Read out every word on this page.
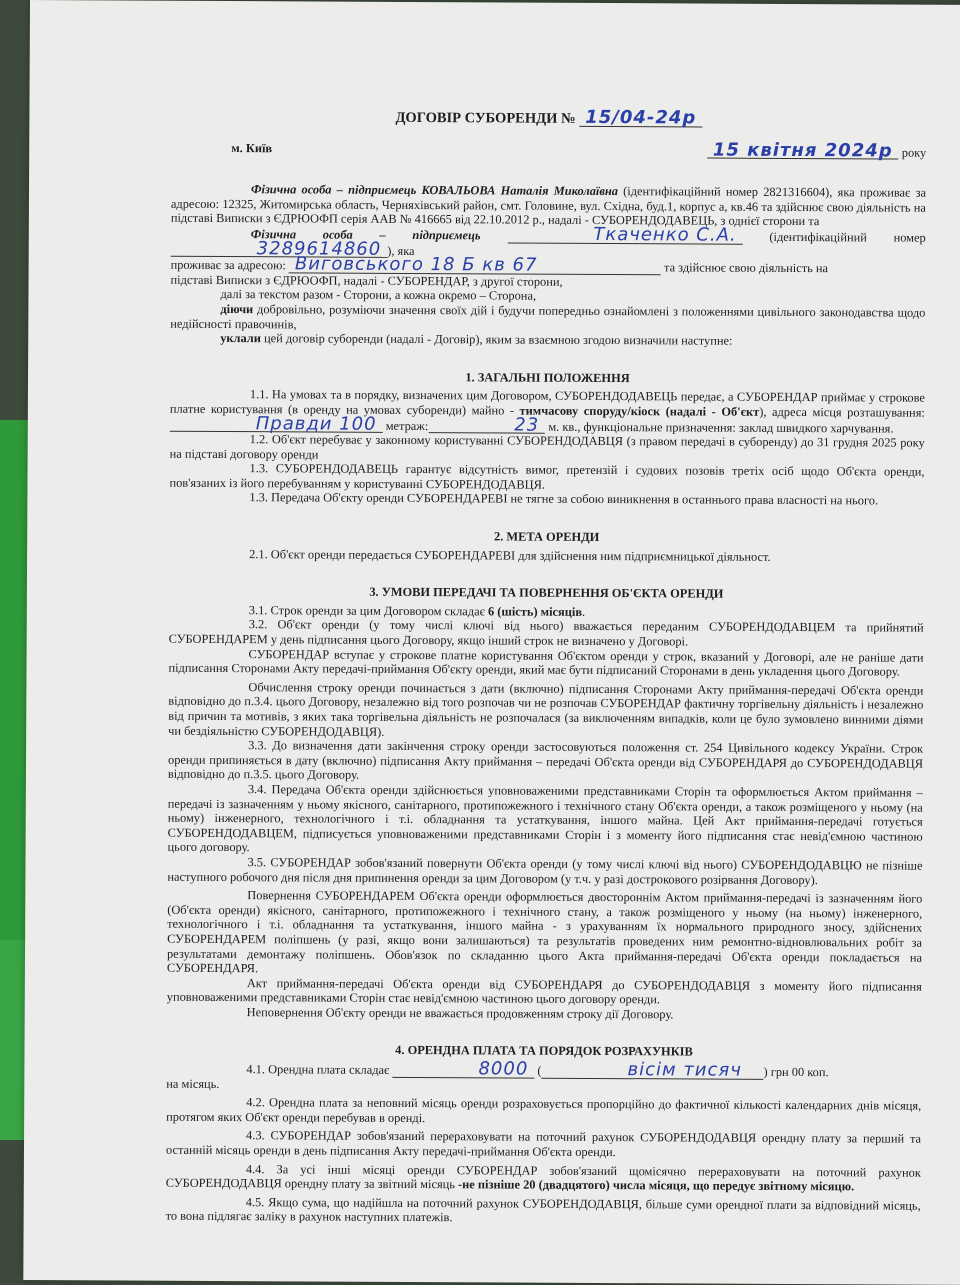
ДОГОВІР СУБОРЕНДИ № 15/04-24р
м. Київ	15 квітня 2024р року

Фізична особа – підприємець КОВАЛЬОВА Наталія Миколаївна (ідентифікаційний номер 2821316604), яка проживає за адресою: 12325, Житомирська область, Черняхівський район, смт. Головине, вул. Східна, буд.1, корпус а, кв.46 та здійснює свою діяльність на підставі Виписки з ЄДРЮОФП серія ААВ № 416665 від 22.10.2012 р., надалі - СУБОРЕНДОДАВЕЦЬ, з однієї сторони та

Фізична особа – підприємець	Ткаченко С.А.	(ідентифікаційний номер3289614860 ), яка

проживає за адресою: Виговського 18 Б кв 67	та здійснює свою діяльність на

підставі Виписки з ЄДРЮОФП, надалі - СУБОРЕНДАР, з другої сторони,

далі за текстом разом - Сторони, а кожна окремо – Сторона,

діючи добровільно, розуміючи значення своїх дій і будучи попередньо ознайомлені з положеннями цивільного законодавства щодо недійсності правочинів,

уклали цей договір суборенди (надалі - Договір), яким за взаємною згодою визначили наступне:

1. ЗАГАЛЬНІ ПОЛОЖЕННЯ

1.1. На умовах та в порядку, визначених цим Договором, СУБОРЕНДОДАВЕЦЬ передає, а СУБОРЕНДАР приймає у строкове платне користування (в оренду на умовах суборенди) майно - тимчасову споруду/кіоск (надалі - Об'єкт), адреса місця розташування: Правди 100 метраж:	23 м. кв., функціональне призначення: заклад швидкого харчування.

1.2. Об'єкт перебуває у законному користуванні СУБОРЕНДОДАВЦЯ (з правом передачі в суборенду) до 31 грудня 2025 року на підставі договору оренди

1.3. СУБОРЕНДОДАВЕЦЬ гарантує відсутність вимог, претензій і судових позовів третіх осіб щодо Об'єкта оренди, пов'язаних із його перебуванням у користуванні СУБОРЕНДОДАВЦЯ.

1.3. Передача Об'єкту оренди СУБОРЕНДАРЕВІ не тягне за собою виникнення в останнього права власності на нього.

2. МЕТА ОРЕНДИ

2.1. Об'єкт оренди передається СУБОРЕНДАРЕВІ для здійснення ним підприємницької діяльност.

3. УМОВИ ПЕРЕДАЧІ ТА ПОВЕРНЕННЯ ОБ'ЄКТА ОРЕНДИ

3.1. Строк оренди за цим Договором складає 6 (шість) місяців.

3.2. Об'єкт оренди (у тому числі ключі від нього) вважається переданим СУБОРЕНДОДАВЦЕМ та прийнятий СУБОРЕНДАРЕМ у день підписання цього Договору, якщо інший строк не визначено у Договорі.

СУБОРЕНДАР вступає у строкове платне користування Об'єктом оренди у строк, вказаний у Договорі, але не раніше дати підписання Сторонами Акту передачі-приймання Об'єкту оренди, який має бути підписаний Сторонами в день укладення цього Договору.

Обчислення строку оренди починається з дати (включно) підписання Сторонами Акту приймання-передачі Об'єкта оренди відповідно до п.3.4. цього Договору, незалежно від того розпочав чи не розпочав СУБОРЕНДАР фактичну торгівельну діяльність і незалежно від причин та мотивів, з яких така торгівельна діяльність не розпочалася (за виключенням випадків, коли це було зумовлено винними діями чи бездіяльністю СУБОРЕНДОДАВЦЯ).

3.3. До визначення дати закінчення строку оренди застосовуються положення ст. 254 Цивільного кодексу України. Строк оренди припиняється в дату (включно) підписання Акту приймання – передачі Об'єкта оренди від СУБОРЕНДАРЯ до СУБОРЕНДОДАВЦЯ відповідно до п.3.5. цього Договору.

3.4. Передача Об'єкта оренди здійснюється уповноваженими представниками Сторін та оформлюється Актом приймання – передачі із зазначенням у ньому якісного, санітарного, протипожежного і технічного стану Об'єкта оренди, а також розміщеного у ньому (на ньому) інженерного, технологічного і т.і. обладнання та устаткування, іншого майна. Цей Акт приймання-передачі готується СУБОРЕНДОДАВЦЕМ, підписується уповноваженими представниками Сторін і з моменту його підписання стає невід'ємною частиною цього договору.

3.5. СУБОРЕНДАР зобов'язаний повернути Об'єкта оренди (у тому числі ключі від нього) СУБОРЕНДОДАВЦЮ не пізніше наступного робочого дня після дня припинення оренди за цим Договором (у т.ч. у разі дострокового розірвання Договору).

Повернення СУБОРЕНДАРЕМ Об'єкта оренди оформлюється двостороннім Актом приймання-передачі із зазначенням його (Об'єкта оренди) якісного, санітарного, протипожежного і технічного стану, а також розміщеного у ньому (на ньому) інженерного, технологічного і т.і. обладнання та устаткування, іншого майна - з урахуванням їх нормального природного зносу, здійснених СУБОРЕНДАРЕМ поліпшень (у разі, якщо вони залишаються) та результатів проведених ним ремонтно-відновлювальних робіт за результатами демонтажу поліпшень. Обов'язок по складанню цього Акта приймання-передачі Об'єкта оренди покладається на СУБОРЕНДАРЯ.

Акт приймання-передачі Об'єкта оренди від СУБОРЕНДАРЯ до СУБОРЕНДОДАВЦЯ з моменту його підписання уповноваженими представниками Сторін стає невід'ємною частиною цього договору оренди.

Неповернення Об'єкту оренди не вважається продовженням строку дії Договору.

4. ОРЕНДНА ПЛАТА ТА ПОРЯДОК РОЗРАХУНКІВ

4.1. Орендна плата складає	8000 (	вісім тисяч ) грн 00 коп.

на місяць.

4.2. Орендна плата за неповний місяць оренди розраховується пропорційно до фактичної кількості календарних днів місяця, протягом яких Об'єкт оренди перебував в оренді.

4.3. СУБОРЕНДАР зобов'язаний перераховувати на поточний рахунок СУБОРЕНДОДАВЦЯ орендну плату за перший та останній місяць оренди в день підписання Акту передачі-приймання Об'єкта оренди.

4.4. За усі інші місяці оренди СУБОРЕНДАР зобов'язаний щомісячно перераховувати на поточний рахунок СУБОРЕНДОДАВЦЯ орендну плату за звітний місяць -не пізніше 20 (двадцятого) числа місяця, що передує звітному місяцю.

4.5. Якщо сума, що надійшла на поточний рахунок СУБОРЕНДОДАВЦЯ, більше суми орендної плати за відповідний місяць, то вона підлягає заліку в рахунок наступних платежів.
